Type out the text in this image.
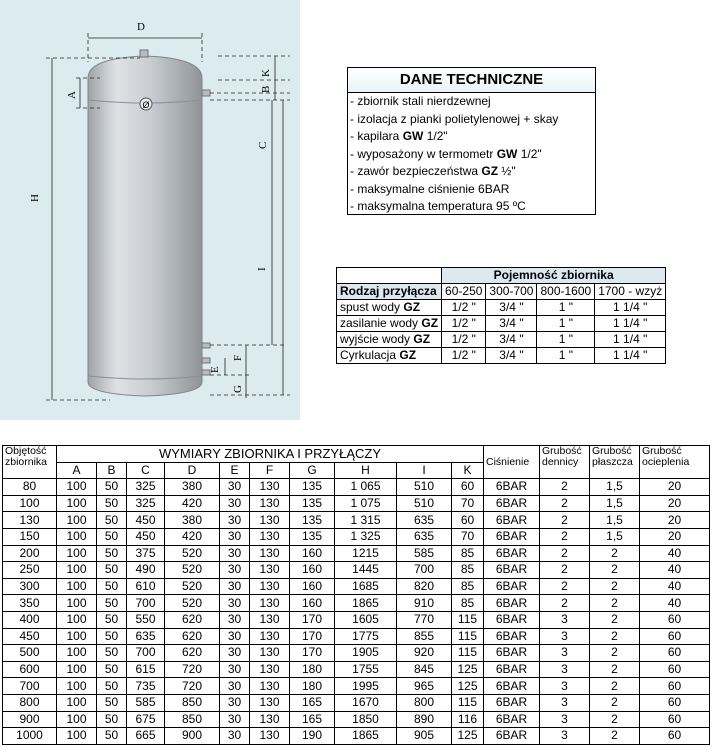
Ø
D
H
A
B
K
C
I
E
F
G
DANE TECHNICZNE
- zbiornik stali nierdzewnej
- izolacja z pianki polietylenowej + skay
- kapilara GW 1/2"
- wyposażony w termometr GW 1/2"
- zawór bezpieczeństwa GZ ½"
- maksymalne ciśnienie 6BAR
- maksymalna temperatura 95 ºC
	Pojemność zbiornika			
Rodzaj przyłącza	60-250	300-700	800-1600	1700 - wzyż
spust wody GZ	1/2 "	3/4 "	1 "	1 1/4 "
zasilanie wody GZ	1/2 "	3/4 "	1 "	1 1/4 "
wyjście wody GZ	1/2 "	3/4 "	1 "	1 1/4 "
Cyrkulacja GZ	1/2 "	3/4 "	1 "	1 1/4 "
Objętość zbiornika	WYMIARY ZBIORNIKA I PRZYŁĄCZY										Ciśnienie	Grubość dennicy	Grubość płaszcza	Grubość ocieplenia
	A	B	C	D	E	F	G	H	I	K				
80	100	50	325	380	30	130	135	1 065	510	60	6BAR	2	1,5	20
100	100	50	325	420	30	130	135	1 075	510	70	6BAR	2	1,5	20
130	100	50	450	380	30	130	135	1 315	635	60	6BAR	2	1,5	20
150	100	50	450	420	30	130	135	1 325	635	70	6BAR	2	1,5	20
200	100	50	375	520	30	130	160	1215	585	85	6BAR	2	2	40
250	100	50	490	520	30	130	160	1445	700	85	6BAR	2	2	40
300	100	50	610	520	30	130	160	1685	820	85	6BAR	2	2	40
350	100	50	700	520	30	130	160	1865	910	85	6BAR	2	2	40
400	100	50	550	620	30	130	170	1605	770	115	6BAR	3	2	60
450	100	50	635	620	30	130	170	1775	855	115	6BAR	3	2	60
500	100	50	700	620	30	130	170	1905	920	115	6BAR	3	2	60
600	100	50	615	720	30	130	180	1755	845	125	6BAR	3	2	60
700	100	50	735	720	30	130	180	1995	965	125	6BAR	3	2	60
800	100	50	585	850	30	130	165	1670	800	115	6BAR	3	2	60
900	100	50	675	850	30	130	165	1850	890	116	6BAR	3	2	60
1000	100	50	665	900	30	130	190	1865	905	125	6BAR	3	2	60
